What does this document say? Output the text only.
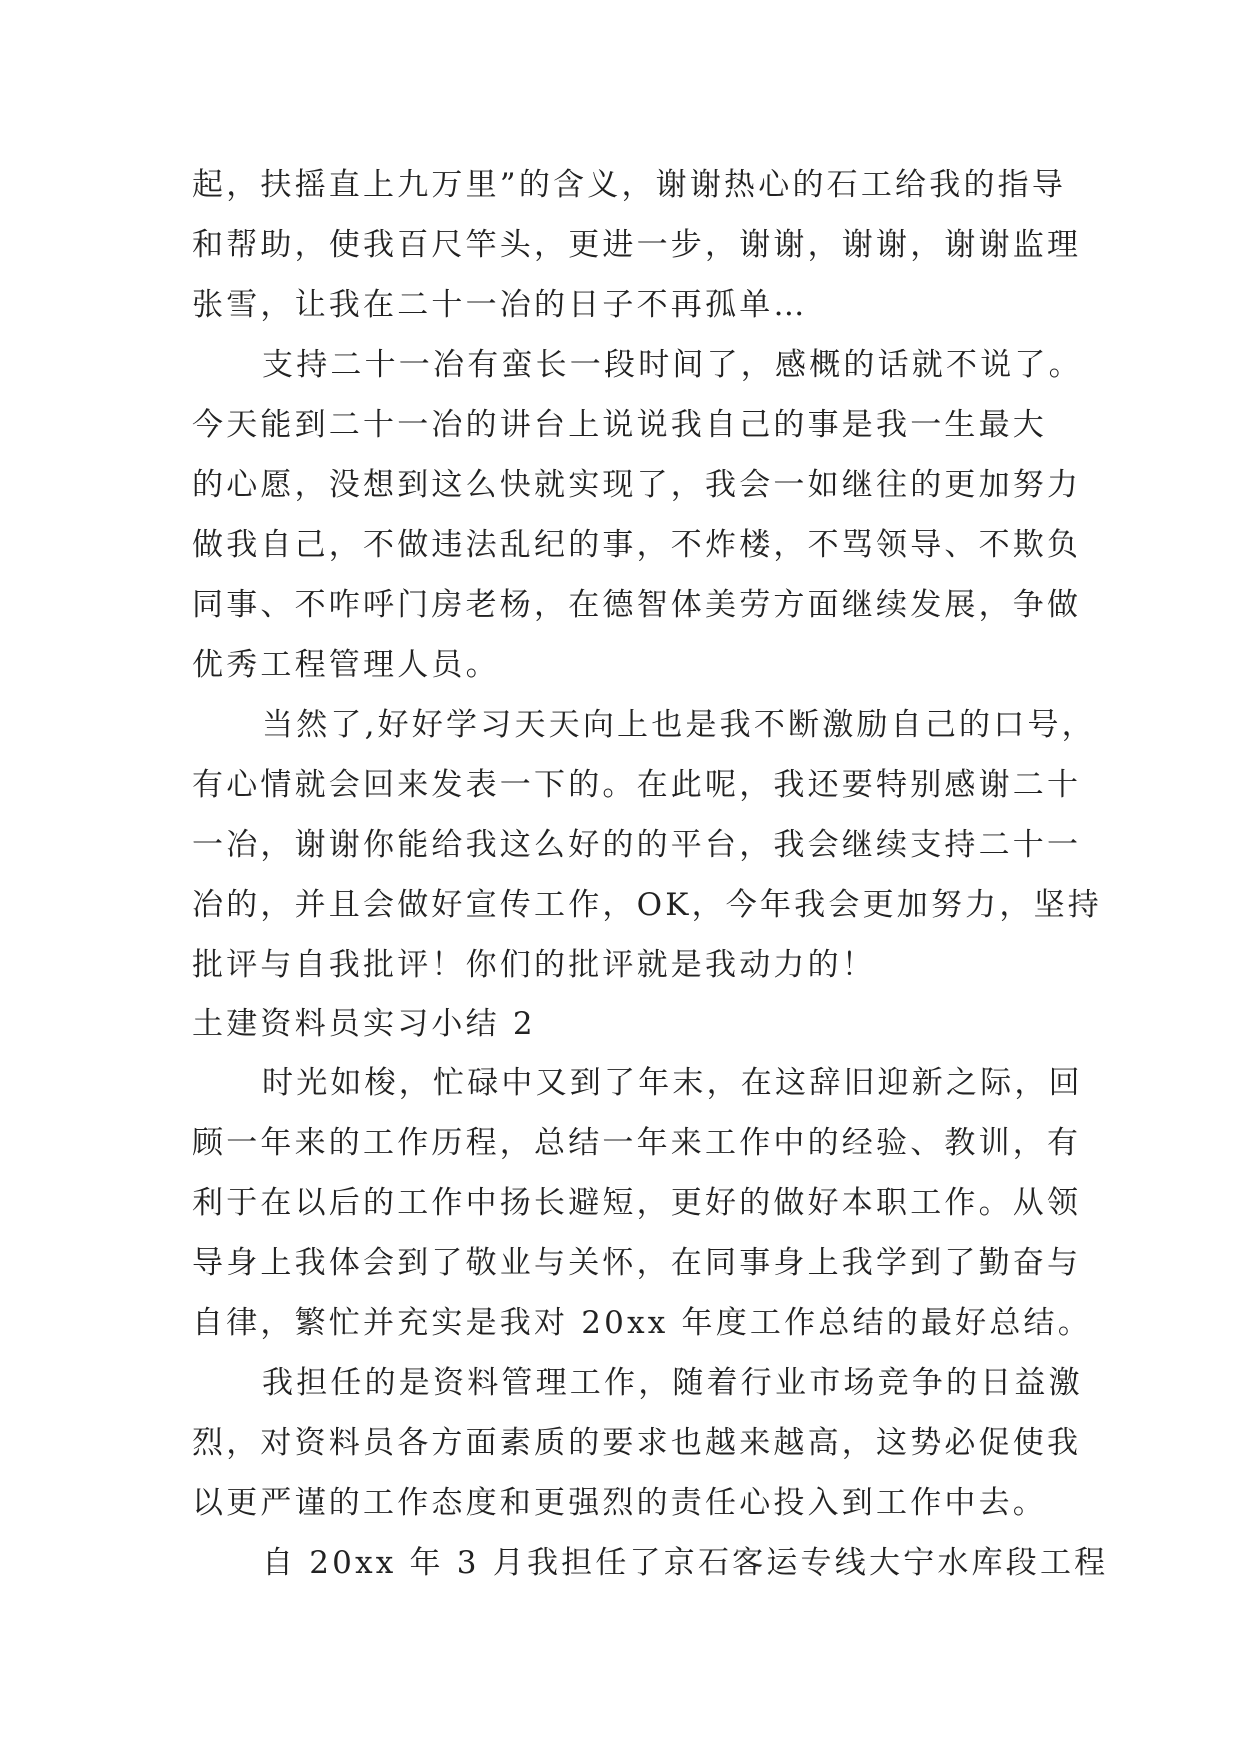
起，扶摇直上九万里”的含义，谢谢热心的石工给我的指导
和帮助，使我百尺竿头，更进一步，谢谢，谢谢，谢谢监理
张雪，让我在二十一冶的日子不再孤单…
支持二十一冶有蛮长一段时间了，感概的话就不说了。
今天能到二十一冶的讲台上说说我自己的事是我一生最大
的心愿，没想到这么快就实现了，我会一如继往的更加努力
做我自己，不做违法乱纪的事，不炸楼，不骂领导、不欺负
同事、不咋呼门房老杨，在德智体美劳方面继续发展，争做
优秀工程管理人员。
当然了,好好学习天天向上也是我不断激励自己的口号，
有心情就会回来发表一下的。在此呢，我还要特别感谢二十
一冶，谢谢你能给我这么好的的平台，我会继续支持二十一
冶的，并且会做好宣传工作，OK，今年我会更加努力，坚持
批评与自我批评！你们的批评就是我动力的！
土建资料员实习小结 2
时光如梭，忙碌中又到了年末，在这辞旧迎新之际，回
顾一年来的工作历程，总结一年来工作中的经验、教训，有
利于在以后的工作中扬长避短，更好的做好本职工作。从领
导身上我体会到了敬业与关怀，在同事身上我学到了勤奋与
自律，繁忙并充实是我对 20xx 年度工作总结的最好总结。
我担任的是资料管理工作，随着行业市场竞争的日益激
烈，对资料员各方面素质的要求也越来越高，这势必促使我
以更严谨的工作态度和更强烈的责任心投入到工作中去。
自 20xx 年 3 月我担任了京石客运专线大宁水库段工程
